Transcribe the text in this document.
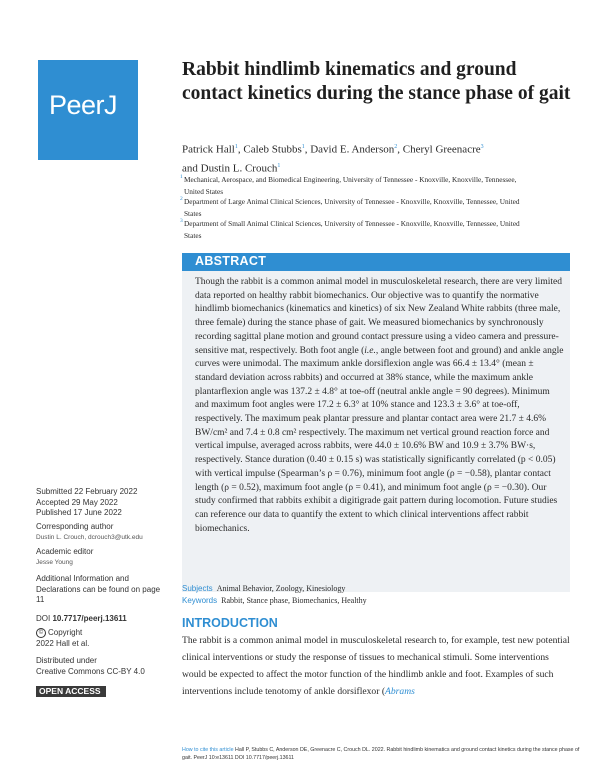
PeerJ
Rabbit hindlimb kinematics and ground contact kinetics during the stance phase of gait

Patrick Hall$^1$, Caleb Stubbs$^1$, David E. Anderson$^2$, Cheryl Greenacre$^3$
and Dustin L. Crouch$^1$

1 Mechanical, Aerospace, and Biomedical Engineering, University of Tennessee - Knoxville, Knoxville, Tennessee, United States

2 Department of Large Animal Clinical Sciences, University of Tennessee - Knoxville, Knoxville, Tennessee, United States

3 Department of Small Animal Clinical Sciences, University of Tennessee - Knoxville, Knoxville, Tennessee, United States

ABSTRACT

Though the rabbit is a common animal model in musculoskeletal research, there are very limited data reported on healthy rabbit biomechanics. Our objective was to quantify the normative hindlimb biomechanics (kinematics and kinetics) of six New Zealand White rabbits (three male, three female) during the stance phase of gait. We measured biomechanics by synchronously recording sagittal plane motion and ground contact pressure using a video camera and pressure-sensitive mat, respectively. Both foot angle (i.e., angle between foot and ground) and ankle angle curves were unimodal. The maximum ankle dorsiflexion angle was 66.4 ± 13.4° (mean ± standard deviation across rabbits) and occurred at 38% stance, while the maximum ankle plantarflexion angle was 137.2 ± 4.8° at toe-off (neutral ankle angle = 90 degrees). Minimum and maximum foot angles were 17.2 ± 6.3° at 10% stance and 123.3 ± 3.6° at toe-off, respectively. The maximum peak plantar pressure and plantar contact area were 21.7 ± 4.6% BW/cm² and 7.4 ± 0.8 cm² respectively. The maximum net vertical ground reaction force and vertical impulse, averaged across rabbits, were 44.0 ± 10.6% BW and 10.9 ± 3.7% BW·s, respectively. Stance duration (0.40 ± 0.15 s) was statistically significantly correlated (p < 0.05) with vertical impulse (Spearman’s ρ = 0.76), minimum foot angle (ρ = −0.58), plantar contact length (ρ = 0.52), maximum foot angle (ρ = 0.41), and minimum foot angle (ρ = −0.30). Our study confirmed that rabbits exhibit a digitigrade gait pattern during locomotion. Future studies can reference our data to quantify the extent to which clinical interventions affect rabbit biomechanics.

Subjects Animal Behavior, Zoology, Kinesiology

Keywords Rabbit, Stance phase, Biomechanics, Healthy

INTRODUCTION

The rabbit is a common animal model in musculoskeletal research to, for example, test new potential clinical interventions or study the response of tissues to mechanical stimuli. Some interventions would be expected to affect the motor function of the hindlimb ankle and foot. Examples of such interventions include tenotomy of ankle dorsiflexor (Abrams

Submitted 22 February 2022
Accepted 29 May 2022
Published 17 June 2022

Corresponding author

Dustin L. Crouch, dcrouch3@utk.edu

Academic editor

Jesse Young

Additional Information and Declarations can be found on page 11

DOI 10.7717/peerj.13611

© Copyright
2022 Hall et al.

Distributed under
Creative Commons CC-BY 4.0

OPEN ACCESS

How to cite this article Hall P, Stubbs C, Anderson DE, Greenacre C, Crouch DL. 2022. Rabbit hindlimb kinematics and ground contact kinetics during the stance phase of gait. PeerJ 10:e13611 DOI 10.7717/peerj.13611
